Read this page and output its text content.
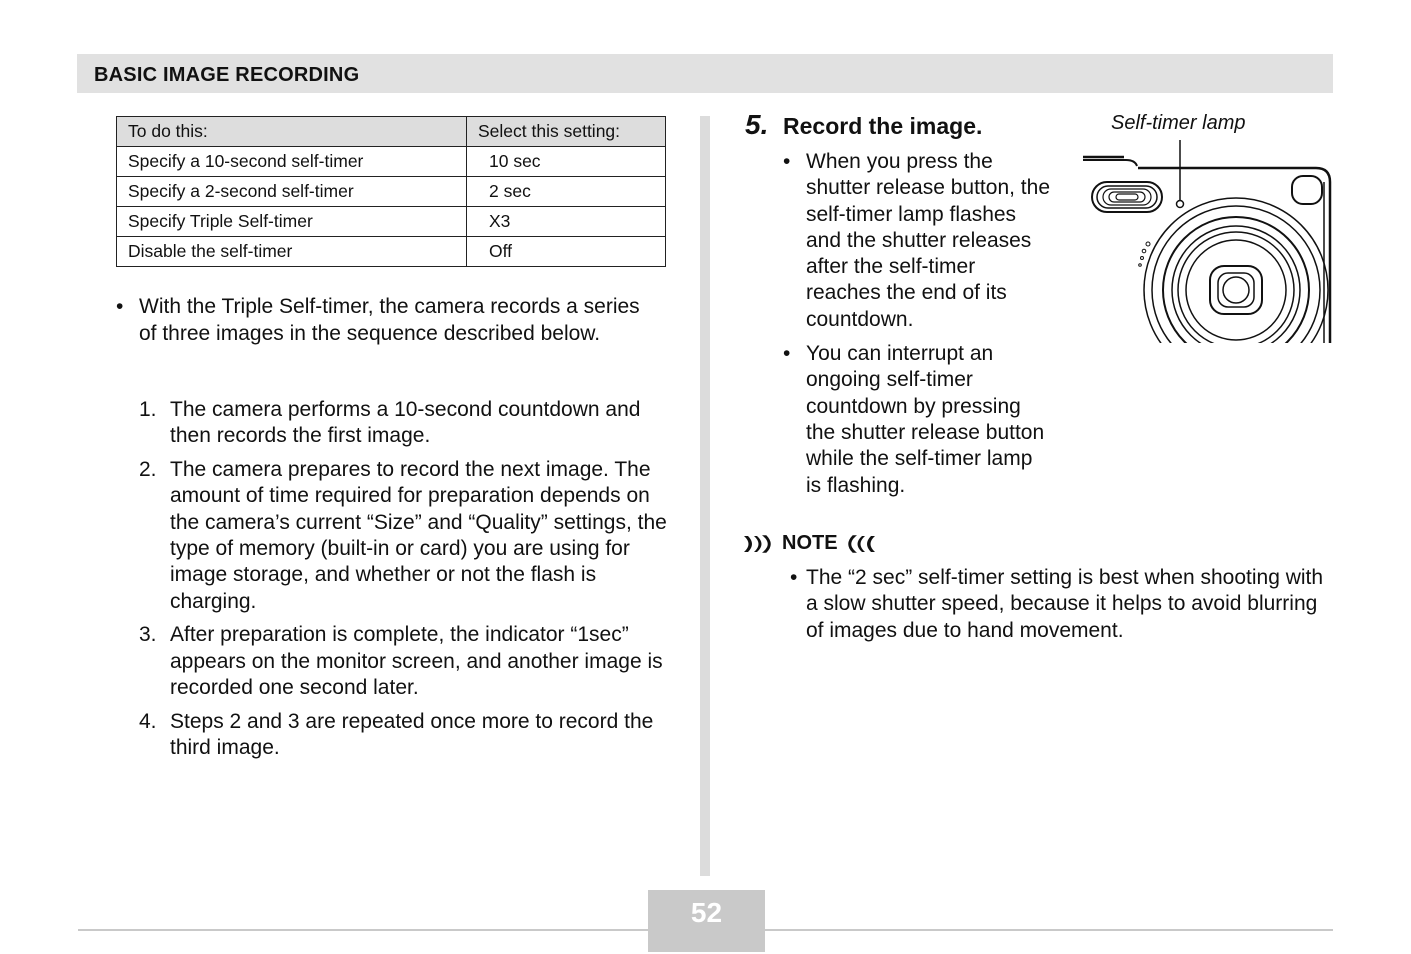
BASIC IMAGE RECORDING
To do this:	Select this setting:
Specify a 10-second self-timer	10 sec
Specify a 2-second self-timer	2 sec
Specify Triple Self-timer	X3
Disable the self-timer	Off
• With the Triple Self-timer, the camera records a series of three images in the sequence described below.
1. The camera performs a 10-second countdown and then records the first image.
2. The camera prepares to record the next image. The amount of time required for preparation depends on the camera’s current “Size” and “Quality” settings, the type of memory (built-in or card) you are using for image storage, and whether or not the flash is charging.
3. After preparation is complete, the indicator “1sec” appears on the monitor screen, and another image is recorded one second later.
4. Steps 2 and 3 are repeated once more to record the third image.
5. Record the image.
• When you press the shutter release button, the self-timer lamp flashes and the shutter releases after the self-timer reaches the end of its countdown.
• You can interrupt an ongoing self-timer countdown by pressing the shutter release button while the self-timer lamp is flashing.
Self-timer lamp
NOTE
• The “2 sec” self-timer setting is best when shooting with a slow shutter speed, because it helps to avoid blurring of images due to hand movement.
52
